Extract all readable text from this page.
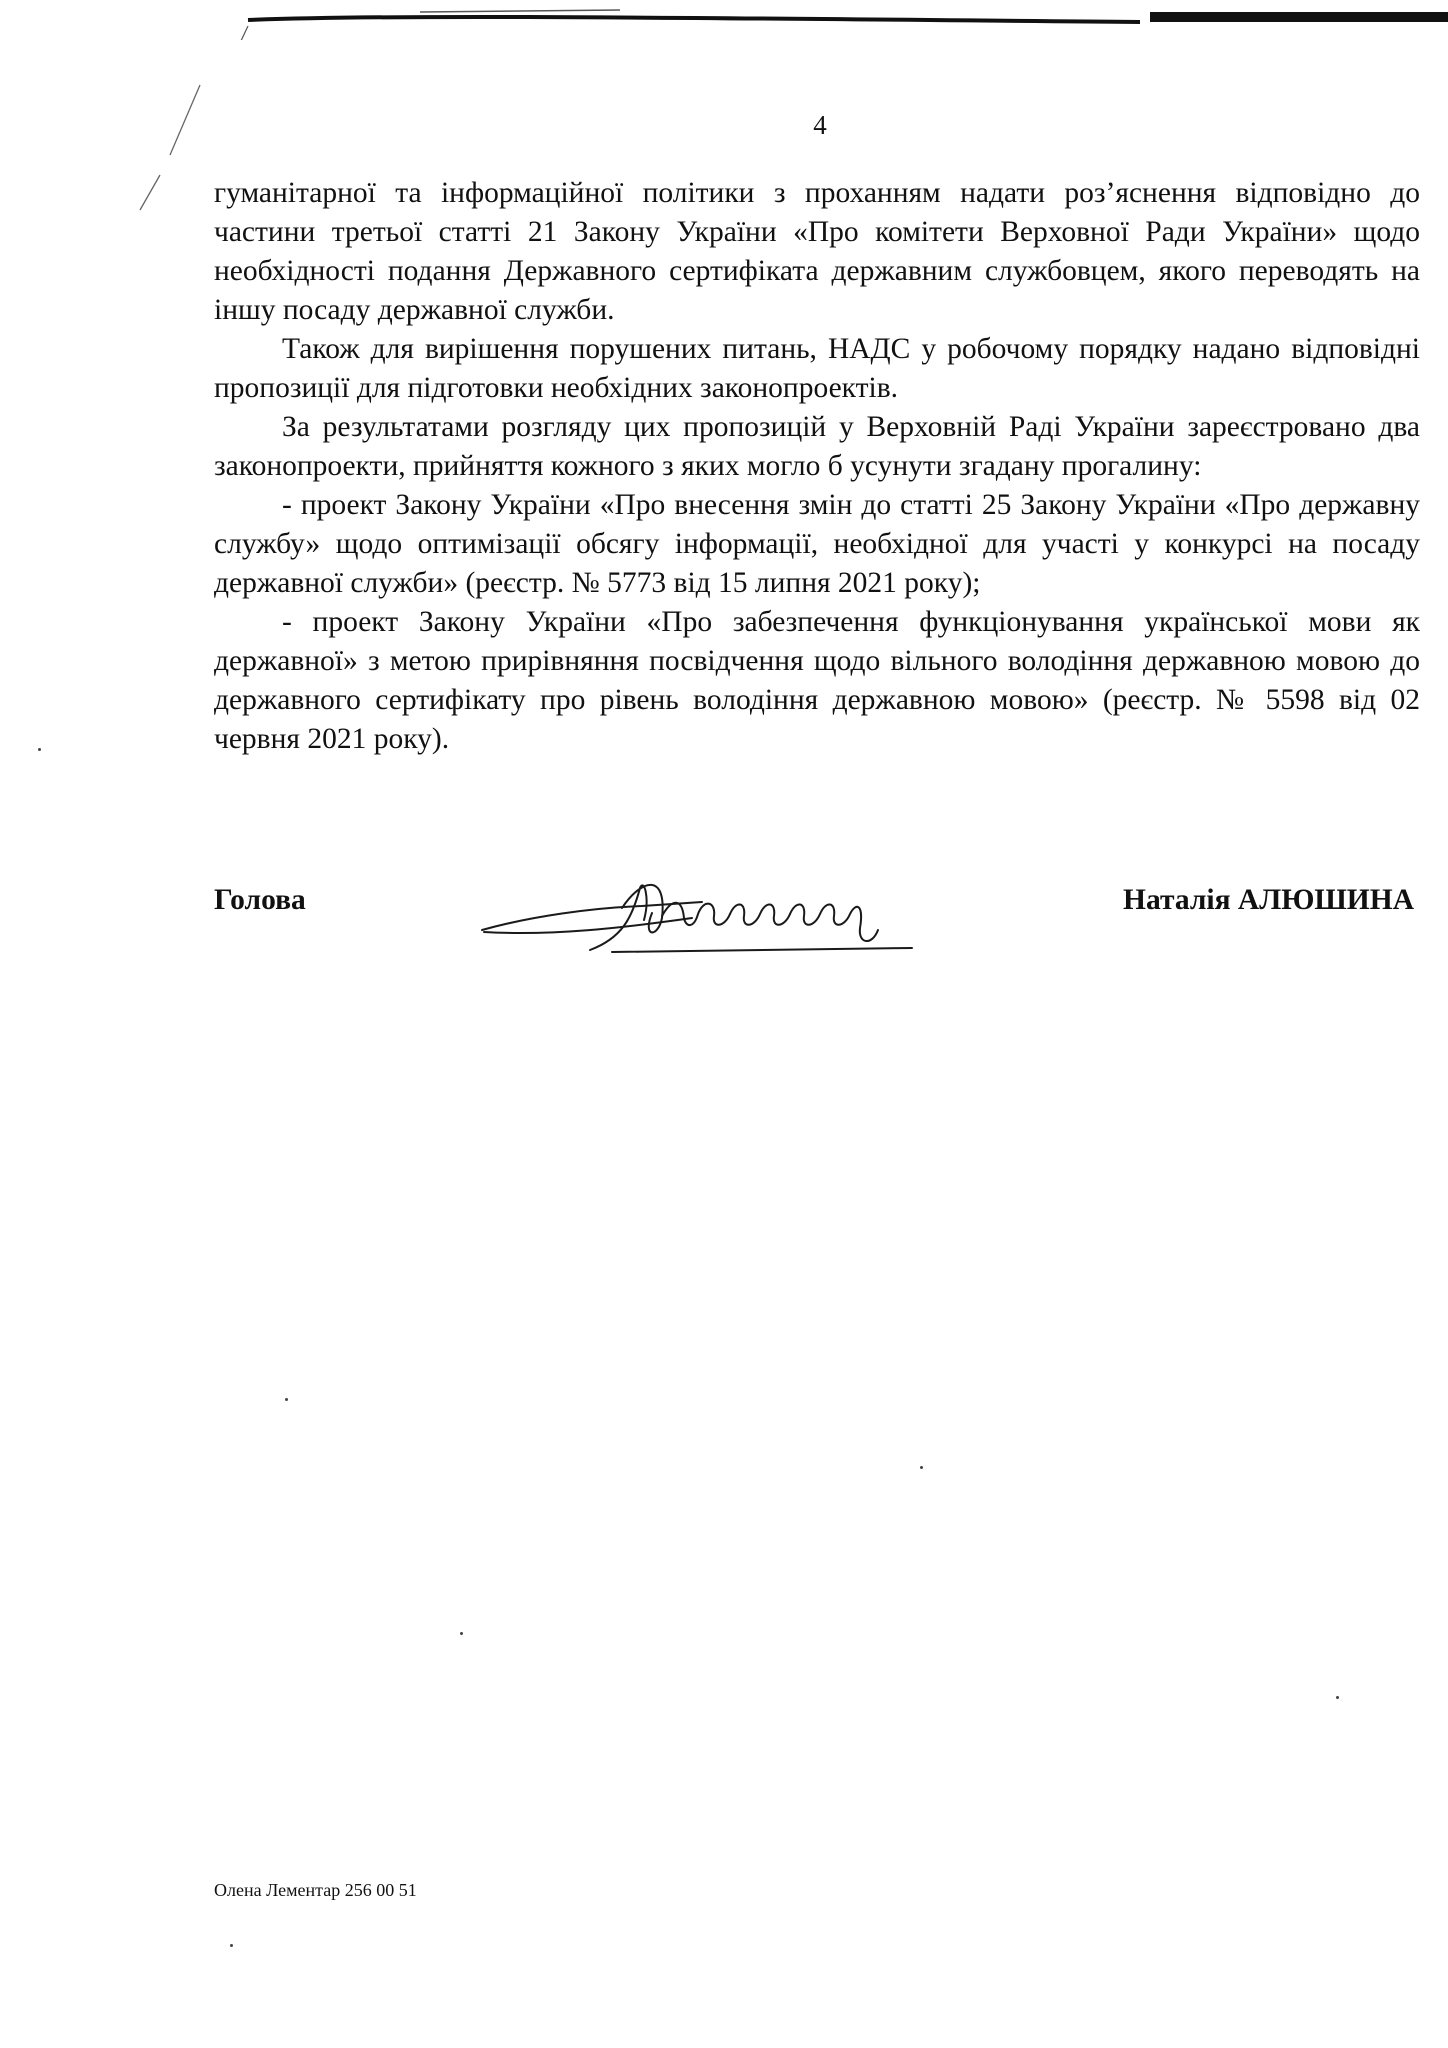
4

гуманітарної та інформаційної політики з проханням надати роз’яснення відповідно до частини третьої статті 21 Закону України «Про комітети Верховної Ради України» щодо необхідності подання Державного сертифіката державним службовцем, якого переводять на іншу посаду державної служби.

Також для вирішення порушених питань, НАДС у робочому порядку надано відповідні пропозиції для підготовки необхідних законопроектів.

За результатами розгляду цих пропозицій у Верховній Раді України зареєстровано два законопроекти, прийняття кожного з яких могло б усунути згадану прогалину:

- проект Закону України «Про внесення змін до статті 25 Закону України «Про державну службу» щодо оптимізації обсягу інформації, необхідної для участі у конкурсі на посаду державної служби» (реєстр. № 5773 від 15 липня 2021 року);

- проект Закону України «Про забезпечення функціонування української мови як державної» з метою прирівняння посвідчення щодо вільного володіння державною мовою до державного сертифікату про рівень володіння державною мовою» (реєстр. № 5598 від 02 червня 2021 року).

Голова	Наталія АЛЮШИНА
Олена Лементар 256 00 51
